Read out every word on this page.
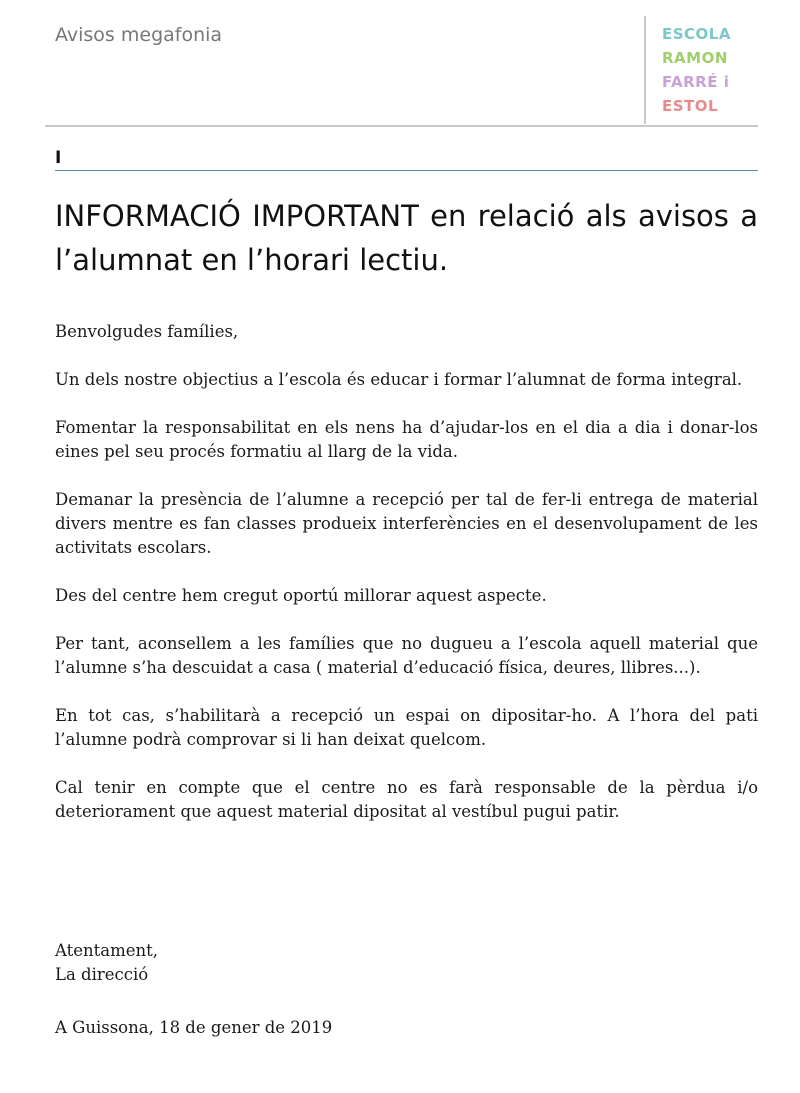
Avisos megafonia	ESCOLA
RAMON
FARRÉ i
ESTOL
I
INFORMACIÓ IMPORTANT en relació als avisos a l’alumnat en l’horari lectiu.

Benvolgudes famílies,

Un dels nostre objectius a l’escola és educar i formar l’alumnat de forma integral.

Fomentar la responsabilitat en els nens ha d’ajudar-los en el dia a dia i donar-los eines pel seu procés formatiu al llarg de la vida.

Demanar la presència de l’alumne a recepció per tal de fer-li entrega de material divers mentre es fan classes produeix interferències en el desenvolupament de les activitats escolars.

Des del centre hem cregut oportú millorar aquest aspecte.

Per tant, aconsellem a les famílies que no dugueu a l’escola aquell material que l’alumne s’ha descuidat a casa ( material d’educació física, deures, llibres...).

En tot cas, s’habilitarà a recepció un espai on dipositar-ho. A l’hora del pati l’alumne podrà comprovar si li han deixat quelcom.

Cal tenir en compte que el centre no es farà responsable de la pèrdua i/o deteriorament que aquest material dipositat al vestíbul pugui patir.

Atentament,
La direcció
A Guissona, 18 de gener de 2019
